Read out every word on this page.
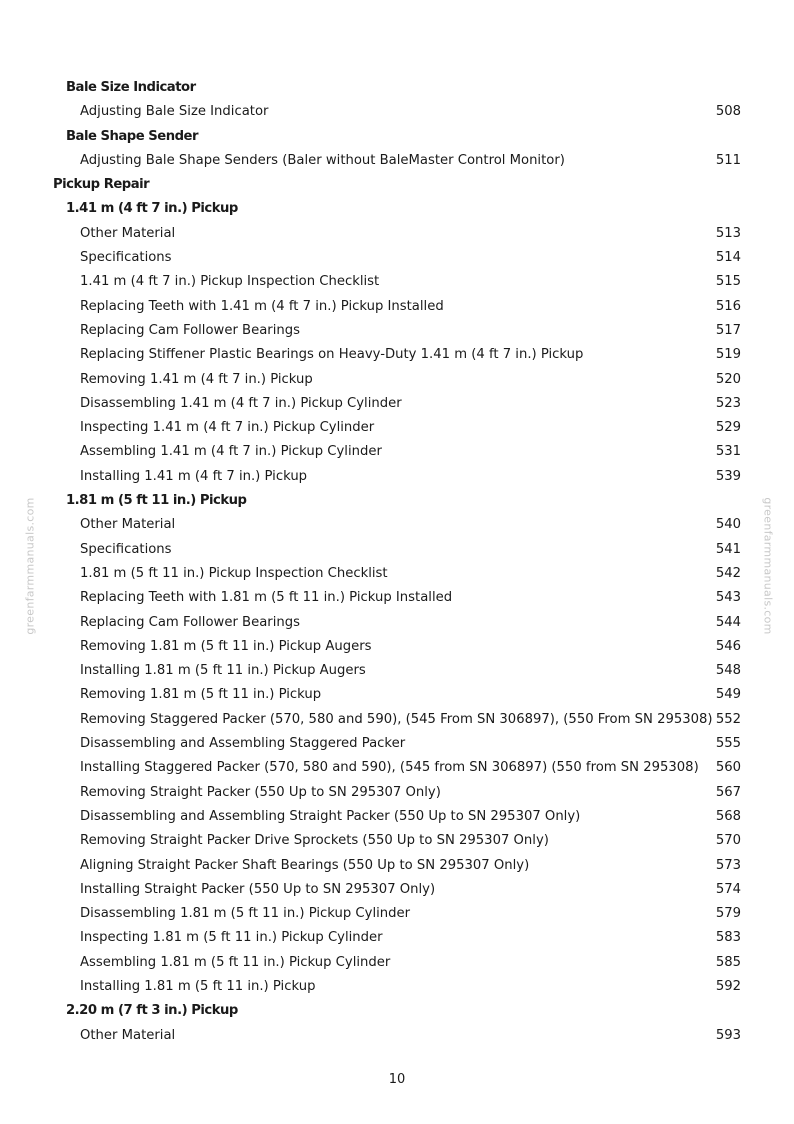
greenfarmmanuals.com	greenfarmmanuals.com
Bale Size Indicator
Adjusting Bale Size Indicator	508
Bale Shape Sender
Adjusting Bale Shape Senders (Baler without BaleMaster Control Monitor)	511
Pickup Repair
1.41 m (4 ft 7 in.) Pickup
Other Material	513
Specifications	514
1.41 m (4 ft 7 in.) Pickup Inspection Checklist	515
Replacing Teeth with 1.41 m (4 ft 7 in.) Pickup Installed	516
Replacing Cam Follower Bearings	517
Replacing Stiffener Plastic Bearings on Heavy-Duty 1.41 m (4 ft 7 in.) Pickup	519
Removing 1.41 m (4 ft 7 in.) Pickup	520
Disassembling 1.41 m (4 ft 7 in.) Pickup Cylinder	523
Inspecting 1.41 m (4 ft 7 in.) Pickup Cylinder	529
Assembling 1.41 m (4 ft 7 in.) Pickup Cylinder	531
Installing 1.41 m (4 ft 7 in.) Pickup	539
1.81 m (5 ft 11 in.) Pickup
Other Material	540
Specifications	541
1.81 m (5 ft 11 in.) Pickup Inspection Checklist	542
Replacing Teeth with 1.81 m (5 ft 11 in.) Pickup Installed	543
Replacing Cam Follower Bearings	544
Removing 1.81 m (5 ft 11 in.) Pickup Augers	546
Installing 1.81 m (5 ft 11 in.) Pickup Augers	548
Removing 1.81 m (5 ft 11 in.) Pickup	549
Removing Staggered Packer (570, 580 and 590), (545 From SN 306897), (550 From SN 295308) 552
Disassembling and Assembling Staggered Packer	555
Installing Staggered Packer (570, 580 and 590), (545 from SN 306897) (550 from SN 295308) 560
Removing Straight Packer (550 Up to SN 295307 Only)	567
Disassembling and Assembling Straight Packer (550 Up to SN 295307 Only)	568
Removing Straight Packer Drive Sprockets (550 Up to SN 295307 Only)	570
Aligning Straight Packer Shaft Bearings (550 Up to SN 295307 Only)	573
Installing Straight Packer (550 Up to SN 295307 Only)	574
Disassembling 1.81 m (5 ft 11 in.) Pickup Cylinder	579
Inspecting 1.81 m (5 ft 11 in.) Pickup Cylinder	583
Assembling 1.81 m (5 ft 11 in.) Pickup Cylinder	585
Installing 1.81 m (5 ft 11 in.) Pickup	592
2.20 m (7 ft 3 in.) Pickup
Other Material	593
10
